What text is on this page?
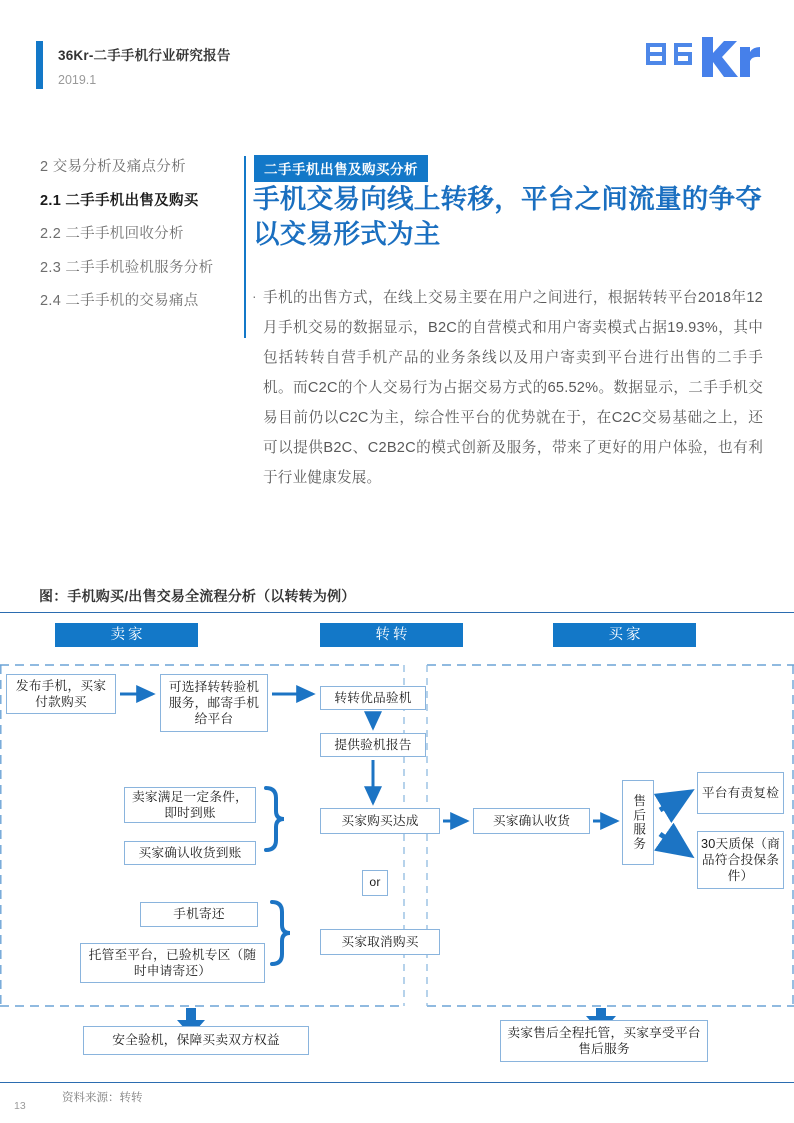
36Kr-二手手机行业研究报告
2019.1
2 交易分析及痛点分析
2.1 二手手机出售及购买
2.2 二手手机回收分析
2.3 二手手机验机服务分析
2.4 二手手机的交易痛点
二手手机出售及购买分析
手机交易向线上转移，平台之间流量的争夺以交易形式为主
· 手机的出售方式，在线上交易主要在用户之间进行，根据转转平台2018年12月手机交易的数据显示，B2C的自营模式和用户寄卖模式占据19.93%，其中包括转转自营手机产品的业务条线以及用户寄卖到平台进行出售的二手手机。而C2C的个人交易行为占据交易方式的65.52%。数据显示，二手手机交易目前仍以C2C为主，综合性平台的优势就在于，在C2C交易基础之上，还可以提供B2C、C2B2C的模式创新及服务，带来了更好的用户体验，也有利于行业健康发展。
图：手机购买/出售交易全流程分析（以转转为例）
卖家	转转	买家
发布手机，买家付款购买
可选择转转验机服务，邮寄手机给平台
转转优品验机
提供验机报告
卖家满足一定条件，即时到账
买家确认收货到账
买家购买达成
or
买家确认收货	售后服务
平台有责复检
30天质保（商品符合投保条件）
手机寄还
托管至平台，已验机专区（随时申请寄还）
买家取消购买
安全验机，保障买卖双方权益
卖家售后全程托管，买家享受平台售后服务
资料来源：转转
13
